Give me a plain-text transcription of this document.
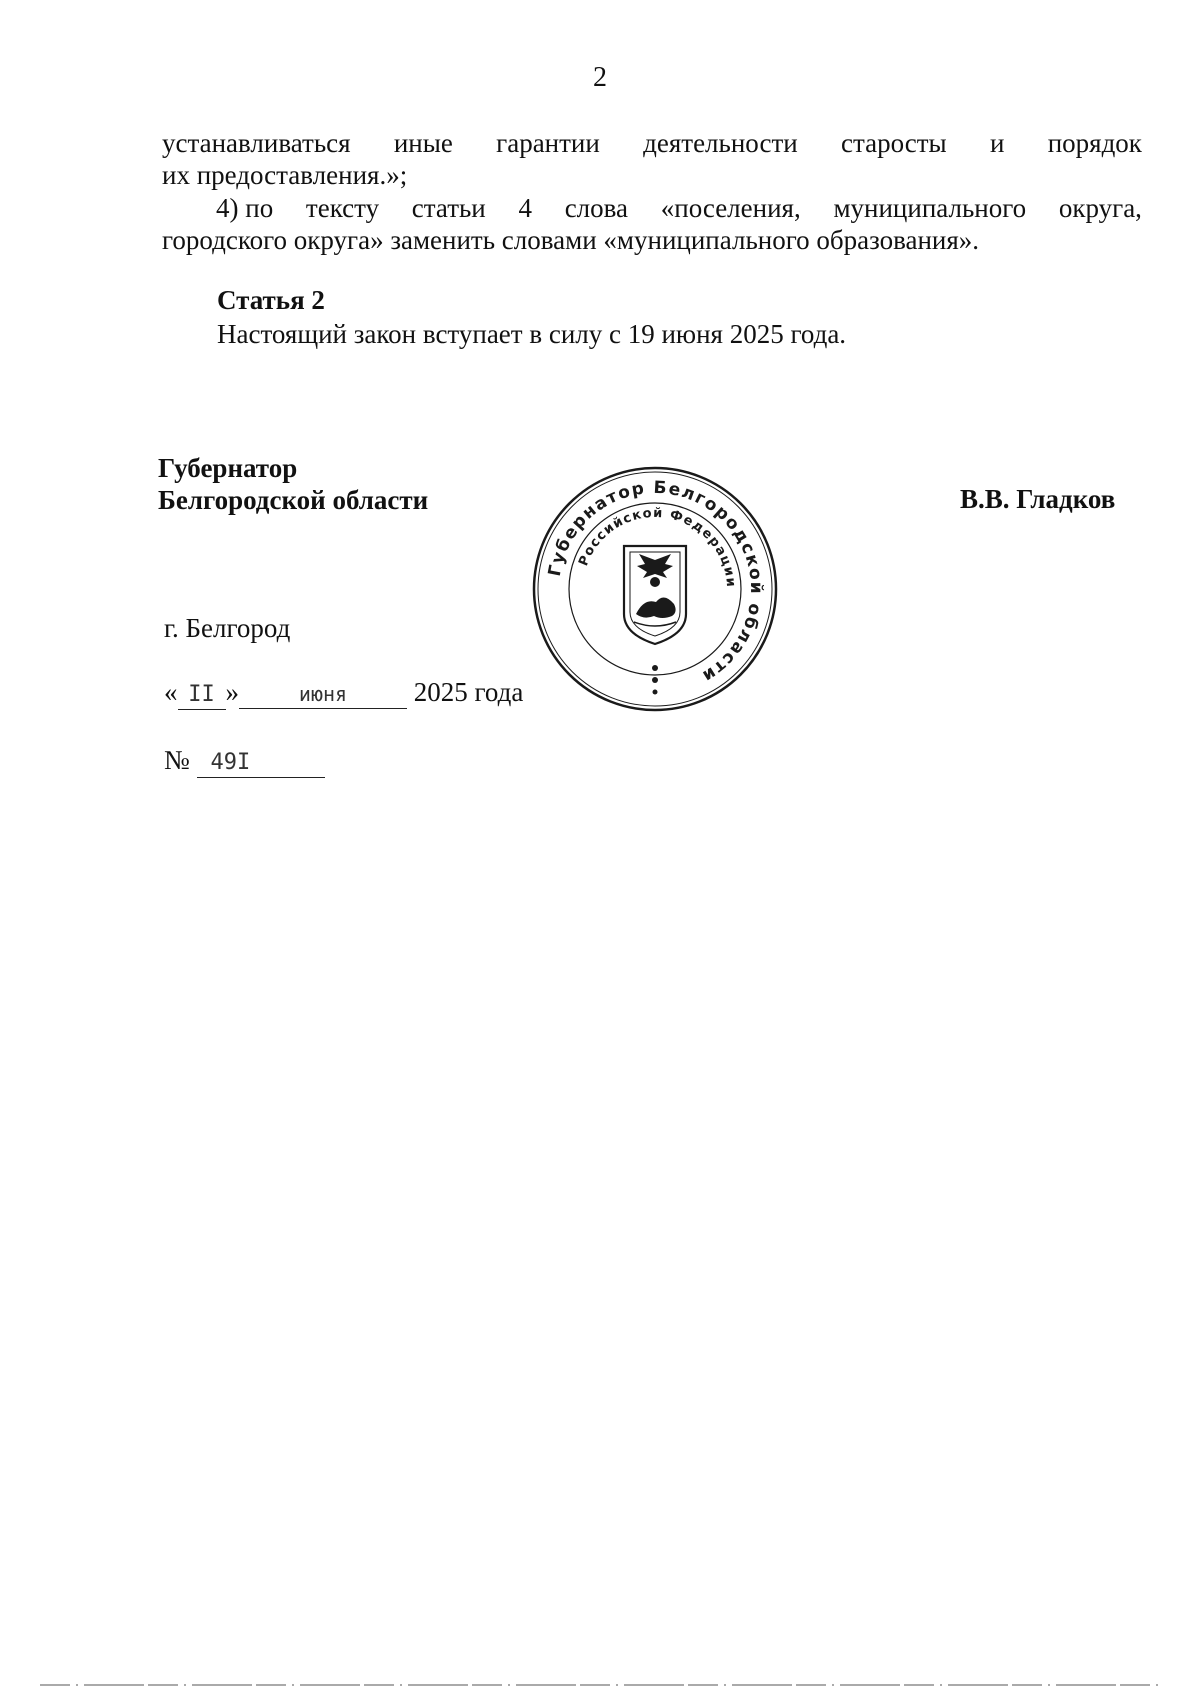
2
устанавливаться иные гарантии деятельности старосты и порядок
их предоставления.»;
4) по тексту статьи 4 слова «поселения, муниципального округа,
городского округа» заменить словами «муниципального образования».
Статья 2
Настоящий закон вступает в силу с 19 июня 2025 года.
Губернатор
Белгородской области	В.В. Гладков
Губернатор Белгородской области
Российской Федерации
г. Белгород
« II »	июня 2025 года
№ 49I
